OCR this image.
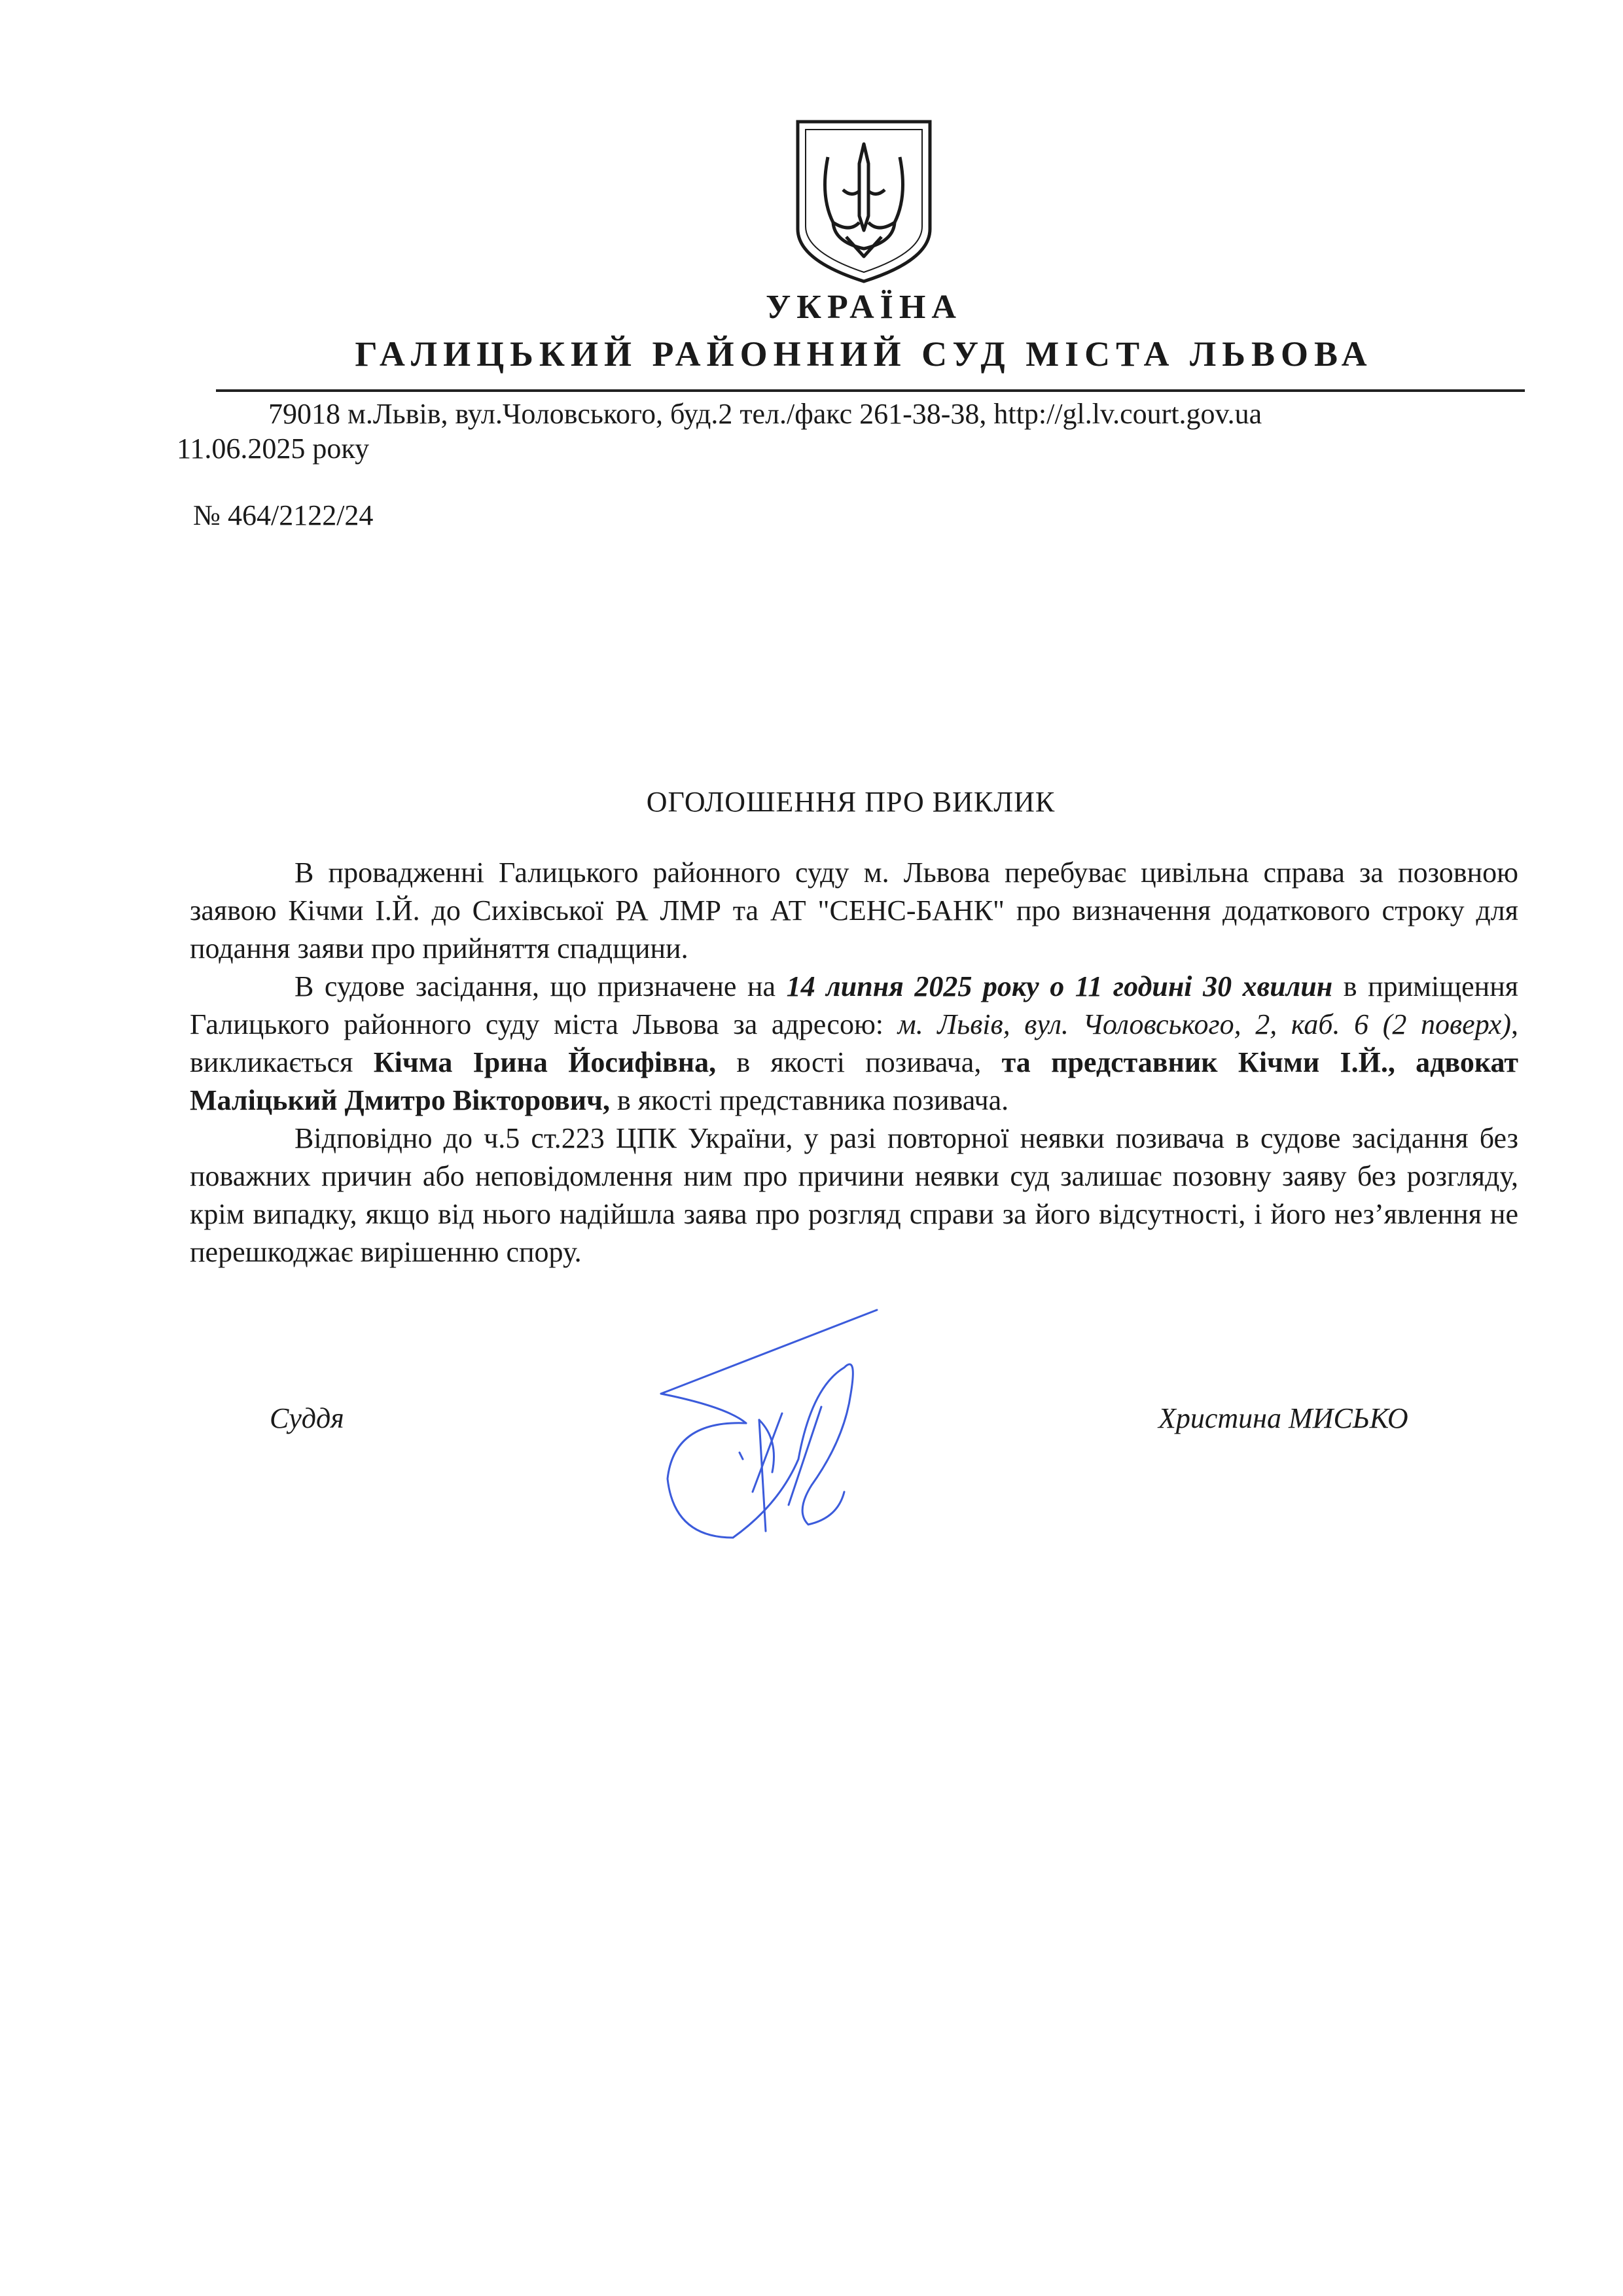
УКРАЇНА
ГАЛИЦЬКИЙ РАЙОННИЙ СУД МІСТА ЛЬВОВА
79018 м.Львів, вул.Чоловського, буд.2 тел./факс 261-38-38, http://gl.lv.court.gov.ua
11.06.2025 року
№ 464/2122/24
ОГОЛОШЕННЯ ПРО ВИКЛИК

В провадженні Галицького районного суду м. Львова перебуває цивільна справа за позовною заявою Кічми І.Й. до Сихівської РА ЛМР та АТ "СЕНС-БАНК" про визначення додаткового строку для подання заяви про прийняття спадщини.

В судове засідання, що призначене на 14 липня 2025 року о 11 годині 30 хвилин в приміщення Галицького районного суду міста Львова за адресою: м. Львів, вул. Чоловського, 2, каб. 6 (2 поверх), викликається Кічма Ірина Йосифівна, в якості позивача, та представник Кічми І.Й., адвокат Маліцький Дмитро Вікторович, в якості представника позивача.

Відповідно до ч.5 ст.223 ЦПК України, у разі повторної неявки позивача в судове засідання без поважних причин або неповідомлення ним про причини неявки суд залишає позовну заяву без розгляду, крім випадку, якщо від нього надійшла заява про розгляд справи за його відсутності, і його нез’явлення не перешкоджає вирішенню спору.

Суддя	Христина МИСЬКО
